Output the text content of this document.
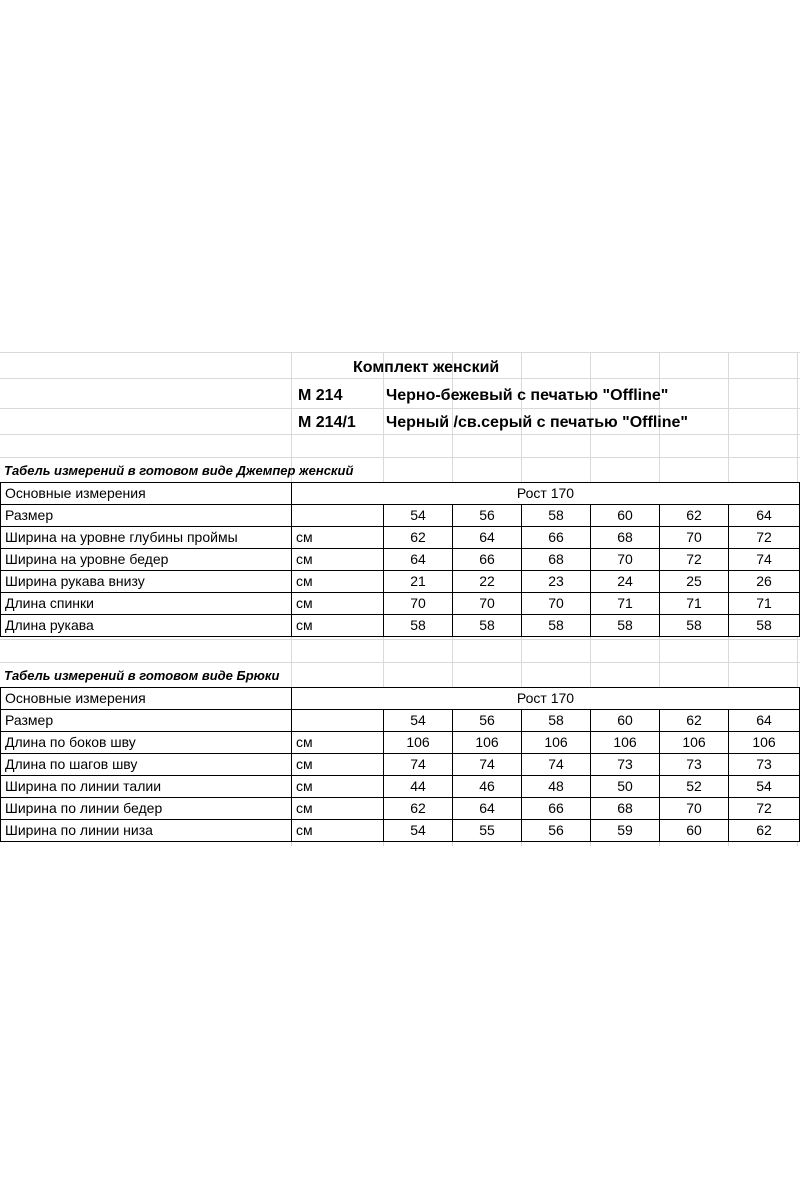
Комплект женский
М 214	Черно-бежевый с печатью "Offline"
М 214/1 Черный /св.серый с печатью "Offline"
Табель измерений в готовом виде Джемпер женский
Основные измерения	Рост 170						
Размер		54	56	58	60	62	64
Ширина на уровне глубины проймы	см	62	64	66	68	70	72
Ширина на уровне бедер	см	64	66	68	70	72	74
Ширина рукава внизу	см	21	22	23	24	25	26
Длина спинки	см	70	70	70	71	71	71
Длина рукава	см	58	58	58	58	58	58
Табель измерений в готовом виде Брюки
Основные измерения	Рост 170						
Размер		54	56	58	60	62	64
Длина по боков шву	см	106	106	106	106	106	106
Длина по шагов шву	см	74	74	74	73	73	73
Ширина по линии талии	см	44	46	48	50	52	54
Ширина по линии бедер	см	62	64	66	68	70	72
Ширина по линии низа	см	54	55	56	59	60	62
